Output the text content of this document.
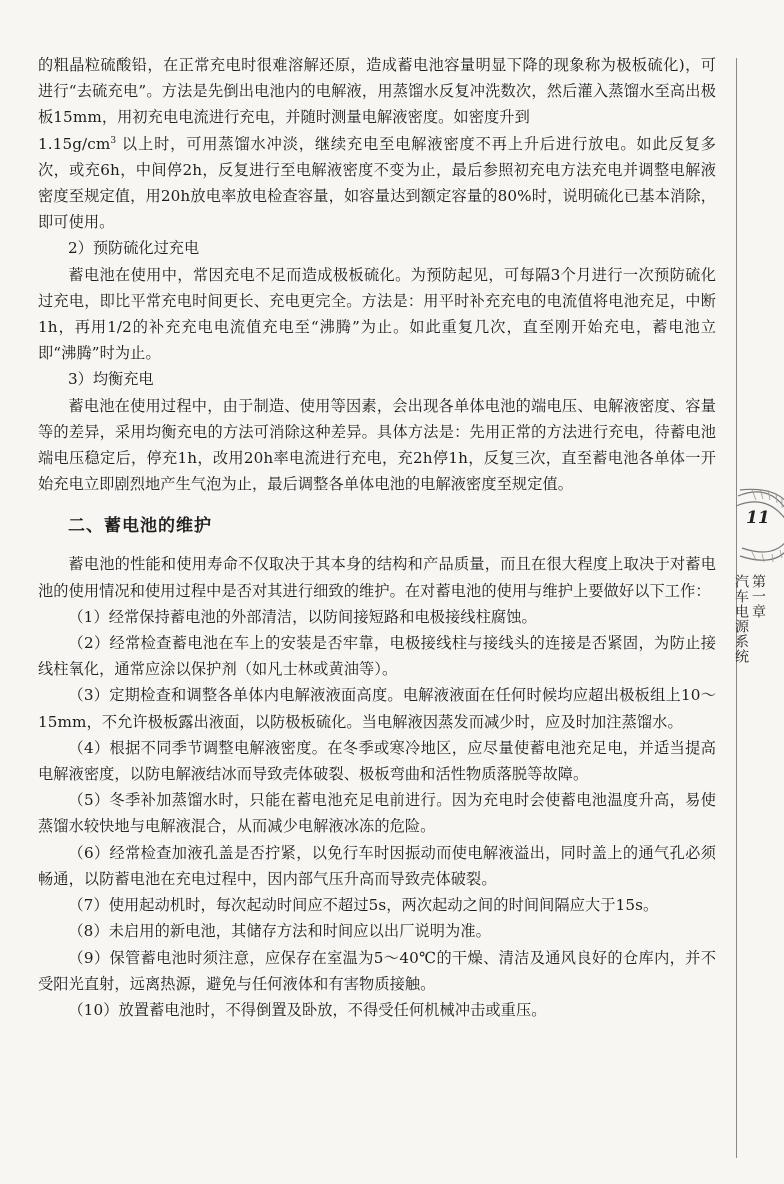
的粗晶粒硫酸铅，在正常充电时很难溶解还原，造成蓄电池容量明显下降的现象称为极板硫化)，可进行“去硫充电”。方法是先倒出电池内的电解液，用蒸馏水反复冲洗数次，然后灌入蒸馏水至高出极板15mm，用初充电电流进行充电，并随时测量电解液密度。如密度升到
$1.15g/cm^3$ 以上时，可用蒸馏水冲淡，继续充电至电解液密度不再上升后进行放电。如此反复多次，或充6h，中间停2h，反复进行至电解液密度不变为止，最后参照初充电方法充电并调整电解液密度至规定值，用20h放电率放电检查容量，如容量达到额定容量的80%时，说明硫化已基本消除，即可使用。

2）预防硫化过充电

蓄电池在使用中，常因充电不足而造成极板硫化。为预防起见，可每隔3个月进行一次预防硫化过充电，即比平常充电时间更长、充电更完全。方法是：用平时补充充电的电流值将电池充足，中断1h，再用1/2的补充充电电流值充电至“沸腾”为止。如此重复几次，直至刚开始充电，蓄电池立即“沸腾”时为止。

3）均衡充电

蓄电池在使用过程中，由于制造、使用等因素，会出现各单体电池的端电压、电解液密度、容量等的差异，采用均衡充电的方法可消除这种差异。具体方法是：先用正常的方法进行充电，待蓄电池端电压稳定后，停充1h，改用20h率电流进行充电，充2h停1h，反复三次，直至蓄电池各单体一开始充电立即剧烈地产生气泡为止，最后调整各单体电池的电解液密度至规定值。

二、蓄电池的维护

蓄电池的性能和使用寿命不仅取决于其本身的结构和产品质量，而且在很大程度上取决于对蓄电池的使用情况和使用过程中是否对其进行细致的维护。在对蓄电池的使用与维护上要做好以下工作：

（1）经常保持蓄电池的外部清洁，以防间接短路和电极接线柱腐蚀。

（2）经常检查蓄电池在车上的安装是否牢靠，电极接线柱与接线头的连接是否紧固，为防止接线柱氧化，通常应涂以保护剂（如凡士林或黄油等）。

（3）定期检查和调整各单体内电解液液面高度。电解液液面在任何时候均应超出极板组上10～15mm，不允许极板露出液面，以防极板硫化。当电解液因蒸发而减少时，应及时加注蒸馏水。

（4）根据不同季节调整电解液密度。在冬季或寒冷地区，应尽量使蓄电池充足电，并适当提高电解液密度，以防电解液结冰而导致壳体破裂、极板弯曲和活性物质落脱等故障。

（5）冬季补加蒸馏水时，只能在蓄电池充足电前进行。因为充电时会使蓄电池温度升高，易使蒸馏水较快地与电解液混合，从而减少电解液冰冻的危险。

（6）经常检查加液孔盖是否拧紧，以免行车时因振动而使电解液溢出，同时盖上的通气孔必须畅通，以防蓄电池在充电过程中，因内部气压升高而导致壳体破裂。

（7）使用起动机时，每次起动时间应不超过5s，两次起动之间的时间间隔应大于15s。

（8）未启用的新电池，其储存方法和时间应以出厂说明为准。

（9）保管蓄电池时须注意，应保存在室温为5～40℃的干燥、清洁及通风良好的仓库内，并不受阳光直射，远离热源，避免与任何液体和有害物质接触。

（10）放置蓄电池时，不得倒置及卧放，不得受任何机械冲击或重压。

11
第一章
汽车电源系统
